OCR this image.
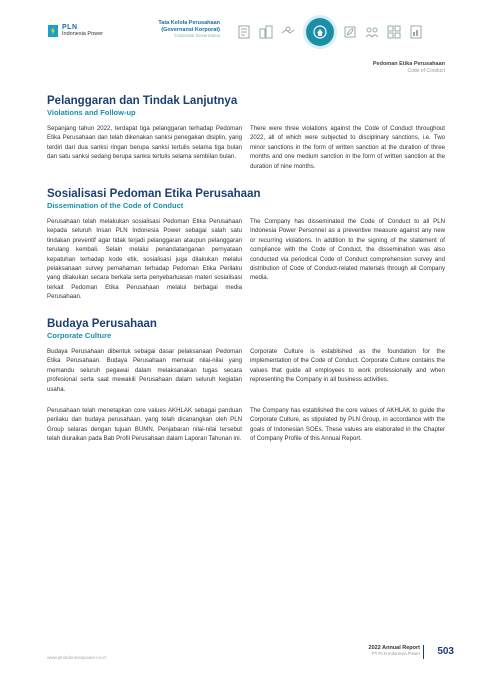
PLN
Indonesia Power
Tata Kelola Perusahaan
(Governansi Korporat)
Corporate Governance
Pedoman Etika Perusahaan
Code of Conduct
Pelanggaran dan Tindak Lanjutnya
Violations and Follow-up
Sepanjang tahun 2022, terdapat tiga pelanggaran terhadap Pedoman Etika Perusahaan dan telah dikenakan sanksi penegakan disiplin, yang terdiri dari dua sanksi ringan berupa sanksi tertulis selama tiga bulan dan satu sanksi sedang berupa sanksi tertulis selama sembilan bulan.
There were three violations against the Code of Conduct throughout 2022, all of which were subjected to disciplinary sanctions, i.e. Two minor sanctions in the form of written sanction at the duration of three months and one medium sanction in the form of written sanction at the duration of nine months.
Sosialisasi Pedoman Etika Perusahaan
Dissemination of the Code of Conduct
Perusahaan telah melakukan sosialisasi Pedoman Etika Perusahaan kepada seluruh Insan PLN Indonesia Power sebagai salah satu tindakan preventif agar tidak terjadi pelanggaran ataupun pelanggaran terulang kembali. Selain melalui penandatanganan pernyataan kepatuhan terhadap kode etik, sosialisasi juga dilakukan melalui pelaksanaan survey pemahaman terhadap Pedoman Etika Perilaku yang dilakukan secara berkala serta penyebarluasan materi sosialisasi terkait Pedoman Etika Perusahaan melalui berbagai media Perusahaan.
The Company has disseminated the Code of Conduct to all PLN Indonesia Power Personnel as a preventive measure against any new or recurring violations. In addition to the signing of the statement of compliance with the Code of Conduct, the dissemination was also conducted via periodical Code of Conduct comprehension survey and distribution of Code of Conduct-related materials through all Company media.
Budaya Perusahaan
Corporate Culture
Budaya Perusahaan dibentuk sebagai dasar pelaksanaan Pedoman Etika Perusahaan. Budaya Perusahaan memuat nilai-nilai yang memandu seluruh pegawai dalam melaksanakan tugas secara profesional serta saat mewakili Perusahaan dalam seluruh kegiatan usaha.
Corporate Culture is established as the foundation for the implementation of the Code of Conduct. Corporate Culture contains the values that guide all employees to work professionally and when representing the Company in all business activities.
Perusahaan telah menetapkan core values AKHLAK sebagai panduan perilaku dan budaya perusahaan, yang telah dicanangkan oleh PLN Group selaras dengan tujuan BUMN. Penjabaran nilai-nilai tersebut telah diuraikan pada Bab Profil Perusahaan dalam Laporan Tahunan ini.
The Company has established the core values of AKHLAK to guide the Corporate Culture, as stipulated by PLN Group, in accordance with the goals of Indonesian SOEs. These values are elaborated in the Chapter of Company Profile of this Annual Report.
www.plnindonesiapower.co.id
2022 Annual Report
PT PLN Indonesia Power 503
